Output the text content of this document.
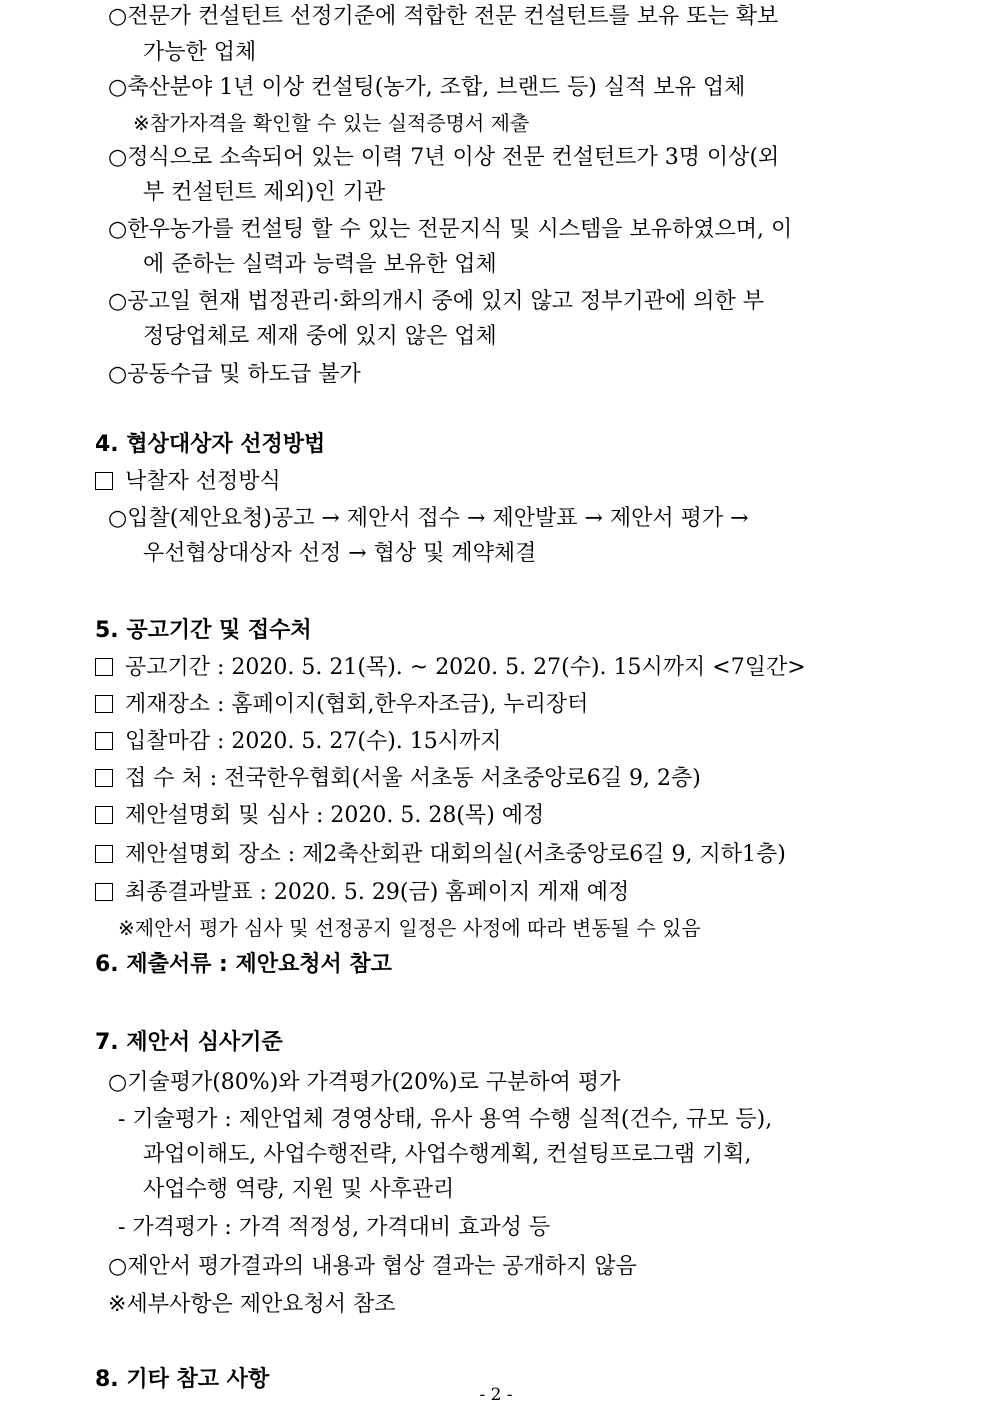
○전문가 컨설턴트 선정기준에 적합한 전문 컨설턴트를 보유 또는 확보
가능한 업체
○축산분야 1년 이상 컨설팅(농가, 조합, 브랜드 등) 실적 보유 업체
※참가자격을 확인할 수 있는 실적증명서 제출
○정식으로 소속되어 있는 이력 7년 이상 전문 컨설턴트가 3명 이상(외
부 컨설턴트 제외)인 기관
○한우농가를 컨설팅 할 수 있는 전문지식 및 시스템을 보유하였으며, 이
에 준하는 실력과 능력을 보유한 업체
○공고일 현재 법정관리·화의개시 중에 있지 않고 정부기관에 의한 부
정당업체로 제재 중에 있지 않은 업체
○공동수급 및 하도급 불가
4. 협상대상자 선정방법
낙찰자 선정방식
○입찰(제안요청)공고 → 제안서 접수 → 제안발표 → 제안서 평가 →
우선협상대상자 선정 → 협상 및 계약체결
5. 공고기간 및 접수처
공고기간 : 2020. 5. 21(목). ~ 2020. 5. 27(수). 15시까지 <7일간>
게재장소 : 홈페이지(협회,한우자조금), 누리장터
입찰마감 : 2020. 5. 27(수). 15시까지
접 수 처 : 전국한우협회(서울 서초동 서초중앙로6길 9, 2층)
제안설명회 및 심사 : 2020. 5. 28(목) 예정
제안설명회 장소 : 제2축산회관 대회의실(서초중앙로6길 9, 지하1층)
최종결과발표 : 2020. 5. 29(금) 홈페이지 게재 예정
※제안서 평가 심사 및 선정공지 일정은 사정에 따라 변동될 수 있음
6. 제출서류 : 제안요청서 참고
7. 제안서 심사기준
○기술평가(80%)와 가격평가(20%)로 구분하여 평가
- 기술평가 : 제안업체 경영상태, 유사 용역 수행 실적(건수, 규모 등),
과업이해도, 사업수행전략, 사업수행계획, 컨설팅프로그램 기획,
사업수행 역량, 지원 및 사후관리
- 가격평가 : 가격 적정성, 가격대비 효과성 등
○제안서 평가결과의 내용과 협상 결과는 공개하지 않음
※세부사항은 제안요청서 참조
8. 기타 참고 사항
- 2 -
